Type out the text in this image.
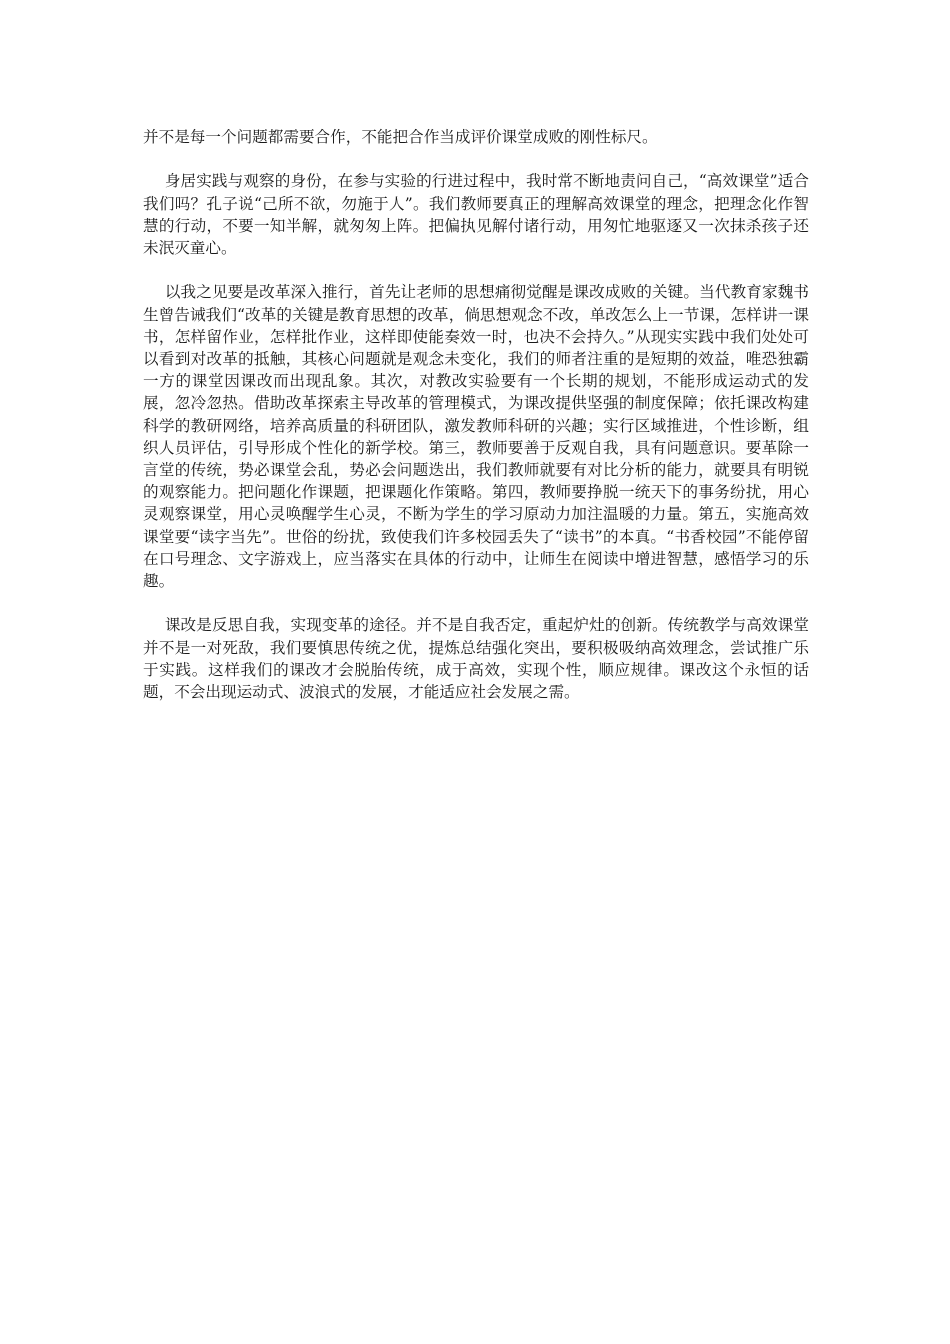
并不是每一个问题都需要合作，不能把合作当成评价课堂成败的刚性标尺。

身居实践与观察的身份，在参与实验的行进过程中，我时常不断地责问自己，“高效课堂”适合我们吗？孔子说“己所不欲，勿施于人”。我们教师要真正的理解高效课堂的理念，把理念化作智慧的行动，不要一知半解，就匆匆上阵。把偏执见解付诸行动，用匆忙地驱逐又一次抹杀孩子还未泯灭童心。

以我之见要是改革深入推行，首先让老师的思想痛彻觉醒是课改成败的关键。当代教育家魏书生曾告诫我们“改革的关键是教育思想的改革，倘思想观念不改，单改怎么上一节课，怎样讲一课书，怎样留作业，怎样批作业，这样即使能奏效一时，也决不会持久。”从现实实践中我们处处可以看到对改革的抵触，其核心问题就是观念未变化，我们的师者注重的是短期的效益，唯恐独霸一方的课堂因课改而出现乱象。其次，对教改实验要有一个长期的规划，不能形成运动式的发展，忽冷忽热。借助改革探索主导改革的管理模式，为课改提供坚强的制度保障；依托课改构建科学的教研网络，培养高质量的科研团队，激发教师科研的兴趣；实行区域推进，个性诊断，组织人员评估，引导形成个性化的新学校。第三，教师要善于反观自我，具有问题意识。要革除一言堂的传统，势必课堂会乱，势必会问题迭出，我们教师就要有对比分析的能力，就要具有明锐的观察能力。把问题化作课题，把课题化作策略。第四，教师要挣脱一统天下的事务纷扰，用心灵观察课堂，用心灵唤醒学生心灵，不断为学生的学习原动力加注温暖的力量。第五，实施高效课堂要“读字当先”。世俗的纷扰，致使我们许多校园丢失了“读书”的本真。“书香校园”不能停留在口号理念、文字游戏上，应当落实在具体的行动中，让师生在阅读中增进智慧，感悟学习的乐趣。

课改是反思自我，实现变革的途径。并不是自我否定，重起炉灶的创新。传统教学与高效课堂并不是一对死敌，我们要慎思传统之优，提炼总结强化突出，要积极吸纳高效理念，尝试推广乐于实践。这样我们的课改才会脱胎传统，成于高效，实现个性，顺应规律。课改这个永恒的话题，不会出现运动式、波浪式的发展，才能适应社会发展之需。
